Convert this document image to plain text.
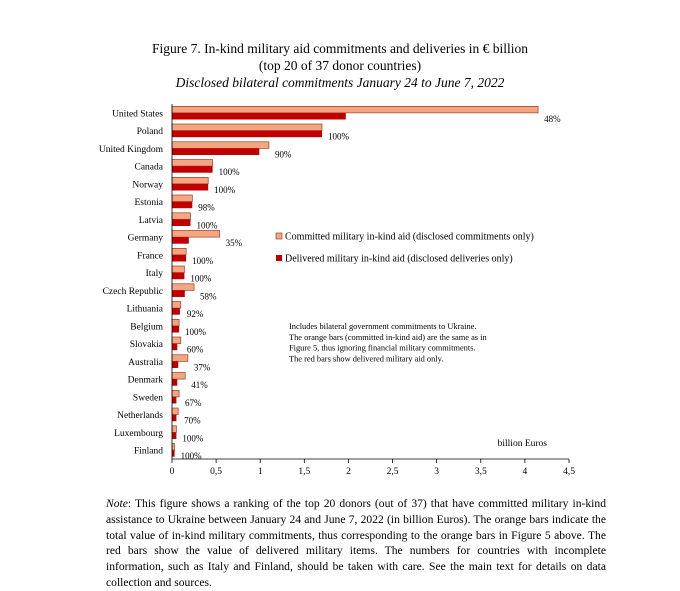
Figure 7. In-kind military aid commitments and deliveries in € billion
(top 20 of 37 donor countries)
Disclosed bilateral commitments January 24 to June 7, 2022
United States	48%
Poland	100%
United Kingdom	90%
Canada	100%
Norway	100%
Estonia	98%
Latvia	100%
Germany	35%
France	100%
Italy	100%
Czech Republic	58%
Lithuania	92%
Belgium 100%
Slovakia	60%
Australia	37%
Denmark	41%
Sweden 67%
Netherlands 70%
Luxembourg 100%
Finland 100%
0	0,5	1	1,5	2	2,5	3	3,5	4	4,5
Committed military in-kind aid (disclosed commitments only)
Delivered military in-kind aid (disclosed deliveries only)
Includes bilateral government commitments to Ukraine.
The orange bars (committed in-kind aid) are the same as in
Figure 5, thus ignoring financial military commitments.
The red bars show delivered military aid only.
billion Euros
Note: This figure shows a ranking of the top 20 donors (out of 37) that have committed military in-kind assistance to Ukraine between January 24 and June 7, 2022 (in billion Euros). The orange bars indicate the total value of in-kind military commitments, thus corresponding to the orange bars in Figure 5 above. The red bars show the value of delivered military items. The numbers for countries with incomplete information, such as Italy and Finland, should be taken with care. See the main text for details on data collection and sources.
